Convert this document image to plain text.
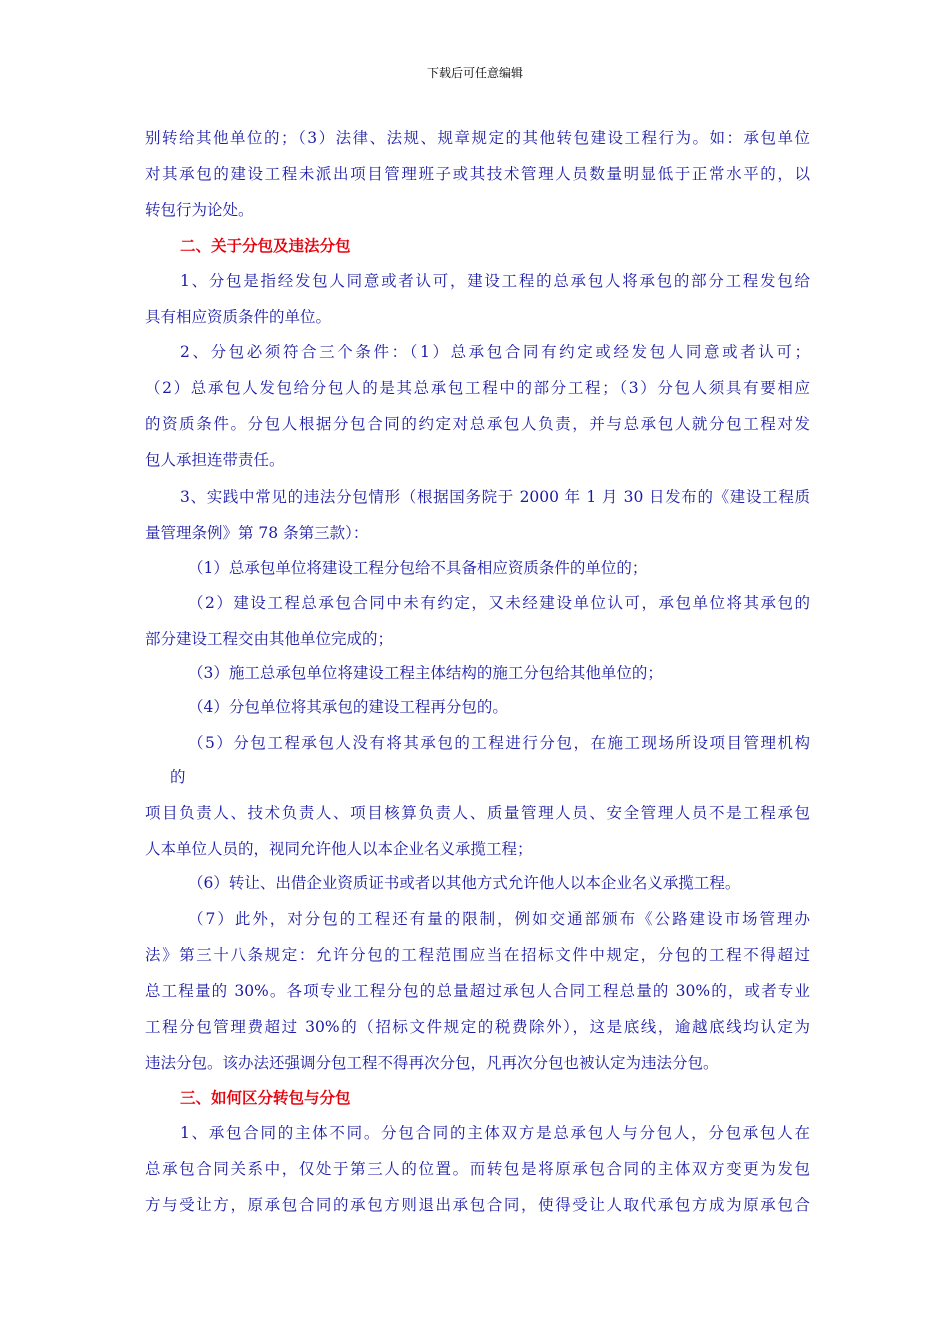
下载后可任意编辑
别转给其他单位的；（3）法律、法规、规章规定的其他转包建设工程行为。如：承包单位
对其承包的建设工程未派出项目管理班子或其技术管理人员数量明显低于正常水平的，以
转包行为论处。
二、关于分包及违法分包
1、分包是指经发包人同意或者认可，建设工程的总承包人将承包的部分工程发包给
具有相应资质条件的单位。
2、分包必须符合三个条件：（1）总承包合同有约定或经发包人同意或者认可；
（2）总承包人发包给分包人的是其总承包工程中的部分工程；（3）分包人须具有要相应
的资质条件。分包人根据分包合同的约定对总承包人负责，并与总承包人就分包工程对发
包人承担连带责任。
3、实践中常见的违法分包情形（根据国务院于 2000 年 1 月 30 日发布的《建设工程质
量管理条例》第 78 条第三款）：
（1）总承包单位将建设工程分包给不具备相应资质条件的单位的；
（2）建设工程总承包合同中未有约定，又未经建设单位认可，承包单位将其承包的
部分建设工程交由其他单位完成的；
（3）施工总承包单位将建设工程主体结构的施工分包给其他单位的；
（4）分包单位将其承包的建设工程再分包的。
（5）分包工程承包人没有将其承包的工程进行分包，在施工现场所设项目管理机构
的
项目负责人、技术负责人、项目核算负责人、质量管理人员、安全管理人员不是工程承包
人本单位人员的，视同允许他人以本企业名义承揽工程；
（6）转让、出借企业资质证书或者以其他方式允许他人以本企业名义承揽工程。
（7）此外，对分包的工程还有量的限制，例如交通部颁布《公路建设市场管理办
法》第三十八条规定：允许分包的工程范围应当在招标文件中规定，分包的工程不得超过
总工程量的 30%。各项专业工程分包的总量超过承包人合同工程总量的 30%的，或者专业
工程分包管理费超过 30%的（招标文件规定的税费除外），这是底线，逾越底线均认定为
违法分包。该办法还强调分包工程不得再次分包，凡再次分包也被认定为违法分包。
三、如何区分转包与分包
1、承包合同的主体不同。分包合同的主体双方是总承包人与分包人，分包承包人在
总承包合同关系中，仅处于第三人的位置。而转包是将原承包合同的主体双方变更为发包
方与受让方，原承包合同的承包方则退出承包合同，使得受让人取代承包方成为原承包合
